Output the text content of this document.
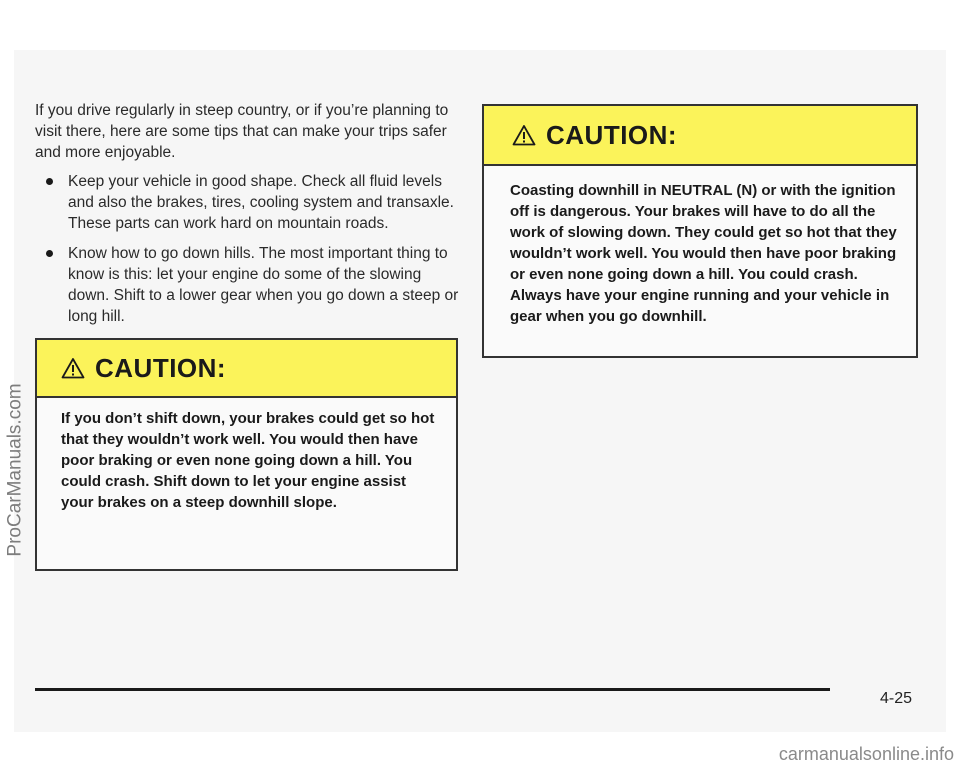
If you drive regularly in steep country, or if you’re planning to visit there, here are some tips that can make your trips safer and more enjoyable.

Keep your vehicle in good shape. Check all fluid levels and also the brakes, tires, cooling system and transaxle. These parts can work hard on mountain roads.
Know how to go down hills. The most important thing to know is this: let your engine do some of the slowing down. Shift to a lower gear when you go down a steep or long hill.
CAUTION:
If you don’t shift down, your brakes could get so hot that they wouldn’t work well. You would then have poor braking or even none going down a hill. You could crash. Shift down to let your engine assist your brakes on a steep downhill slope.
CAUTION:
Coasting downhill in NEUTRAL (N) or with the ignition off is dangerous. Your brakes will have to do all the work of slowing down. They could get so hot that they wouldn’t work well. You would then have poor braking or even none going down a hill. You could crash. Always have your engine running and your vehicle in gear when you go downhill.
4-25
ProCarManuals.com
carmanualsonline.info
